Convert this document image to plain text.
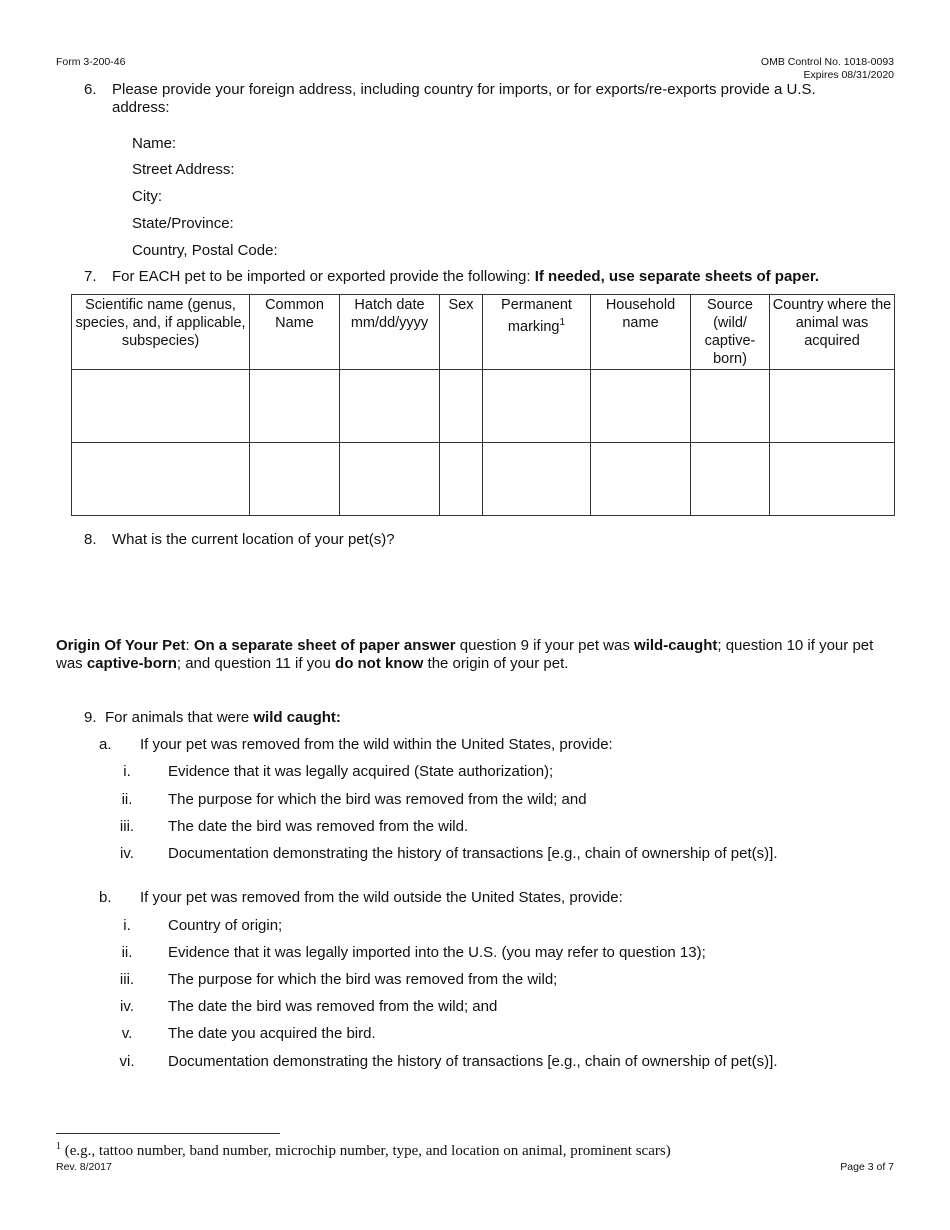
Form 3-200-46	OMB Control No. 1018-0093
Expires 08/31/2020
6. Please provide your foreign address, including country for imports, or for exports/re-exports provide a U.S. address:
Name:
Street Address:
City:
State/Province:
Country, Postal Code:
7. For EACH pet to be imported or exported provide the following: If needed, use separate sheets of paper.
Scientific name (genus, species, and, if applicable, subspecies)	Common Name	Hatch date mm/dd/yyyy	Sex	Permanent marking$^1$	Household name	Source (wild/ captive-born)	Country where the animal was acquired

8. What is the current location of your pet(s)?
Origin Of Your Pet: On a separate sheet of paper answer question 9 if your pet was wild-caught; question 10 if your pet was captive-born; and question 11 if you do not know the origin of your pet.
9. For animals that were wild caught:
a. If your pet was removed from the wild within the United States, provide:
i.	Evidence that it was legally acquired (State authorization);
ii.	The purpose for which the bird was removed from the wild; and
iii.	The date the bird was removed from the wild.
iv.	Documentation demonstrating the history of transactions [e.g., chain of ownership of pet(s)].
b. If your pet was removed from the wild outside the United States, provide:
i.	Country of origin;
ii.	Evidence that it was legally imported into the U.S. (you may refer to question 13);
iii.	The purpose for which the bird was removed from the wild;
iv.	The date the bird was removed from the wild; and
v.	The date you acquired the bird.
vi.	Documentation demonstrating the history of transactions [e.g., chain of ownership of pet(s)].
$^1$ (e.g., tattoo number, band number, microchip number, type, and location on animal, prominent scars)
Rev. 8/2017	Page 3 of 7
